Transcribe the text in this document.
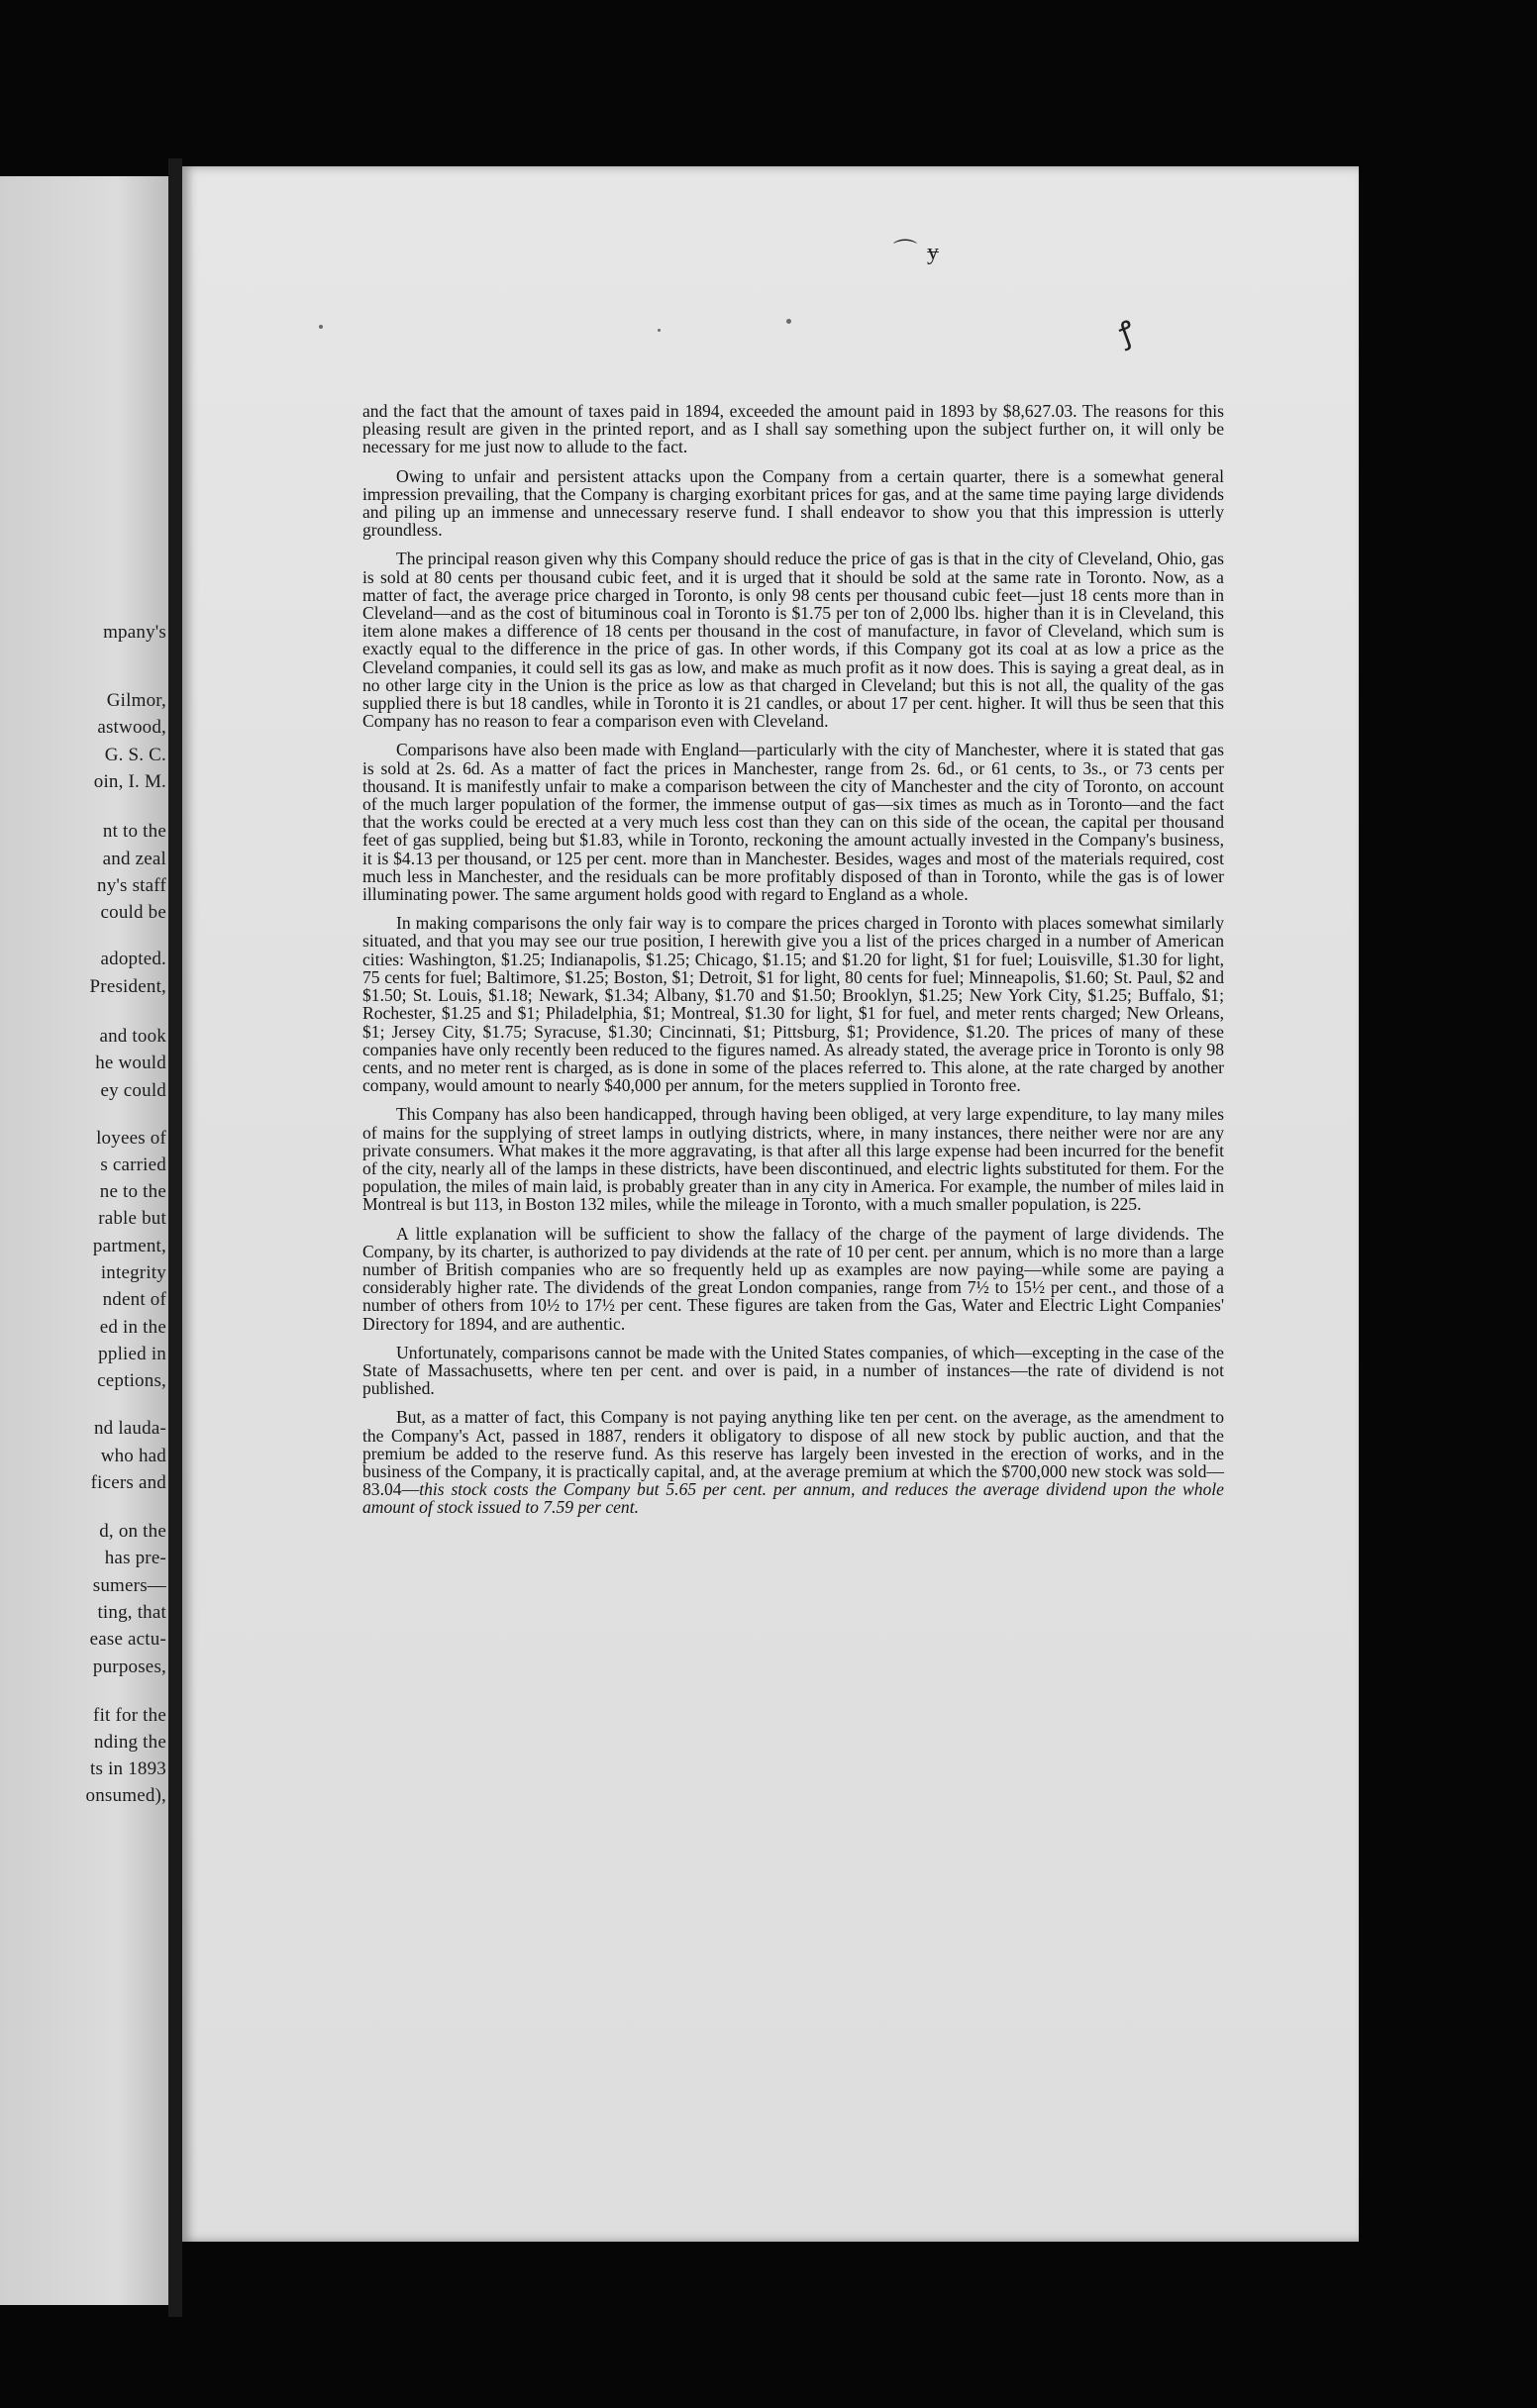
mpany's
Gilmor,
astwood,
G. S. C.
oin, I. M.
nt to the
and zeal
ny's staff
could be
adopted.
President,
and took
he would
ey could
loyees of
s carried
ne to the
rable but
partment,
integrity
ndent of
ed in the
pplied in
ceptions,
nd lauda-
who had
ficers and
d, on the
has pre-
sumers—
ting, that
ease actu-
purposes,
fit for the
nding the
ts in 1893
onsumed),
⌒ ɏ
ꝭ

and the fact that the amount of taxes paid in 1894, exceeded the amount paid in 1893 by $8,627.03. The reasons for this pleasing result are given in the printed report, and as I shall say something upon the subject further on, it will only be necessary for me just now to allude to the fact.

Owing to unfair and persistent attacks upon the Company from a certain quarter, there is a somewhat general impression prevailing, that the Company is charging exorbitant prices for gas, and at the same time paying large dividends and piling up an immense and unnecessary reserve fund. I shall endeavor to show you that this impression is utterly groundless.

The principal reason given why this Company should reduce the price of gas is that in the city of Cleveland, Ohio, gas is sold at 80 cents per thousand cubic feet, and it is urged that it should be sold at the same rate in Toronto. Now, as a matter of fact, the average price charged in Toronto, is only 98 cents per thousand cubic feet—just 18 cents more than in Cleveland—and as the cost of bituminous coal in Toronto is $1.75 per ton of 2,000 lbs. higher than it is in Cleveland, this item alone makes a difference of 18 cents per thousand in the cost of manufacture, in favor of Cleveland, which sum is exactly equal to the difference in the price of gas. In other words, if this Company got its coal at as low a price as the Cleveland companies, it could sell its gas as low, and make as much profit as it now does. This is saying a great deal, as in no other large city in the Union is the price as low as that charged in Cleveland; but this is not all, the quality of the gas supplied there is but 18 candles, while in Toronto it is 21 candles, or about 17 per cent. higher. It will thus be seen that this Company has no reason to fear a comparison even with Cleveland.

Comparisons have also been made with England—particularly with the city of Manchester, where it is stated that gas is sold at 2s. 6d. As a matter of fact the prices in Manchester, range from 2s. 6d., or 61 cents, to 3s., or 73 cents per thousand. It is manifestly unfair to make a comparison between the city of Manchester and the city of Toronto, on account of the much larger population of the former, the immense output of gas—six times as much as in Toronto—and the fact that the works could be erected at a very much less cost than they can on this side of the ocean, the capital per thousand feet of gas supplied, being but $1.83, while in Toronto, reckoning the amount actually invested in the Company's business, it is $4.13 per thousand, or 125 per cent. more than in Manchester. Besides, wages and most of the materials required, cost much less in Manchester, and the residuals can be more profitably disposed of than in Toronto, while the gas is of lower illuminating power. The same argument holds good with regard to England as a whole.

In making comparisons the only fair way is to compare the prices charged in Toronto with places somewhat similarly situated, and that you may see our true position, I herewith give you a list of the prices charged in a number of American cities: Washington, $1.25; Indianapolis, $1.25; Chicago, $1.15; and $1.20 for light, $1 for fuel; Louisville, $1.30 for light, 75 cents for fuel; Baltimore, $1.25; Boston, $1; Detroit, $1 for light, 80 cents for fuel; Minneapolis, $1.60; St. Paul, $2 and $1.50; St. Louis, $1.18; Newark, $1.34; Albany, $1.70 and $1.50; Brooklyn, $1.25; New York City, $1.25; Buffalo, $1; Rochester, $1.25 and $1; Philadelphia, $1; Montreal, $1.30 for light, $1 for fuel, and meter rents charged; New Orleans, $1; Jersey City, $1.75; Syracuse, $1.30; Cincinnati, $1; Pittsburg, $1; Providence, $1.20. The prices of many of these companies have only recently been reduced to the figures named. As already stated, the average price in Toronto is only 98 cents, and no meter rent is charged, as is done in some of the places referred to. This alone, at the rate charged by another company, would amount to nearly $40,000 per annum, for the meters supplied in Toronto free.

This Company has also been handicapped, through having been obliged, at very large expenditure, to lay many miles of mains for the supplying of street lamps in outlying districts, where, in many instances, there neither were nor are any private consumers. What makes it the more aggravating, is that after all this large expense had been incurred for the benefit of the city, nearly all of the lamps in these districts, have been discontinued, and electric lights substituted for them. For the population, the miles of main laid, is probably greater than in any city in America. For example, the number of miles laid in Montreal is but 113, in Boston 132 miles, while the mileage in Toronto, with a much smaller population, is 225.

A little explanation will be sufficient to show the fallacy of the charge of the payment of large dividends. The Company, by its charter, is authorized to pay dividends at the rate of 10 per cent. per annum, which is no more than a large number of British companies who are so frequently held up as examples are now paying—while some are paying a considerably higher rate. The dividends of the great London companies, range from 7½ to 15½ per cent., and those of a number of others from 10½ to 17½ per cent. These figures are taken from the Gas, Water and Electric Light Companies' Directory for 1894, and are authentic.

Unfortunately, comparisons cannot be made with the United States companies, of which—excepting in the case of the State of Massachusetts, where ten per cent. and over is paid, in a number of instances—the rate of dividend is not published.

But, as a matter of fact, this Company is not paying anything like ten per cent. on the average, as the amendment to the Company's Act, passed in 1887, renders it obligatory to dispose of all new stock by public auction, and that the premium be added to the reserve fund. As this reserve has largely been invested in the erection of works, and in the business of the Company, it is practically capital, and, at the average premium at which the $700,000 new stock was sold—83.04—this stock costs the Company but 5.65 per cent. per annum, and reduces the average dividend upon the whole amount of stock issued to 7.59 per cent.
